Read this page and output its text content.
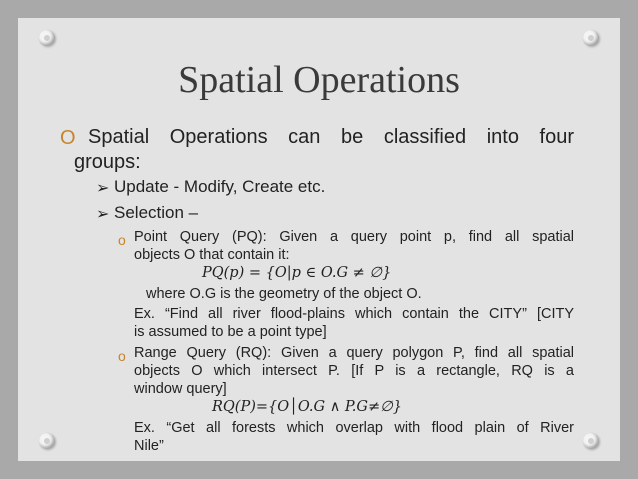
Spatial Operations
O Spatial Operations can be classified into four
groups:
➢ Update - Modify, Create etc.
➢ Selection –
o Point Query (PQ): Given a query point p, find all spatial
objects O that contain it:
PQ(p) = {O|p ∈ O.G ≠ ∅}
where O.G is the geometry of the object O.
Ex. “Find all river flood-plains which contain the CITY” [CITY
is assumed to be a point type]
o Range Query (RQ): Given a query polygon P, find all spatial
objects O which intersect P. [If P is a rectangle, RQ is a
window query]
RQ(P)={O│O.G ∧ P.G≠∅}
Ex. “Get all forests which overlap with flood plain of River
Nile”
